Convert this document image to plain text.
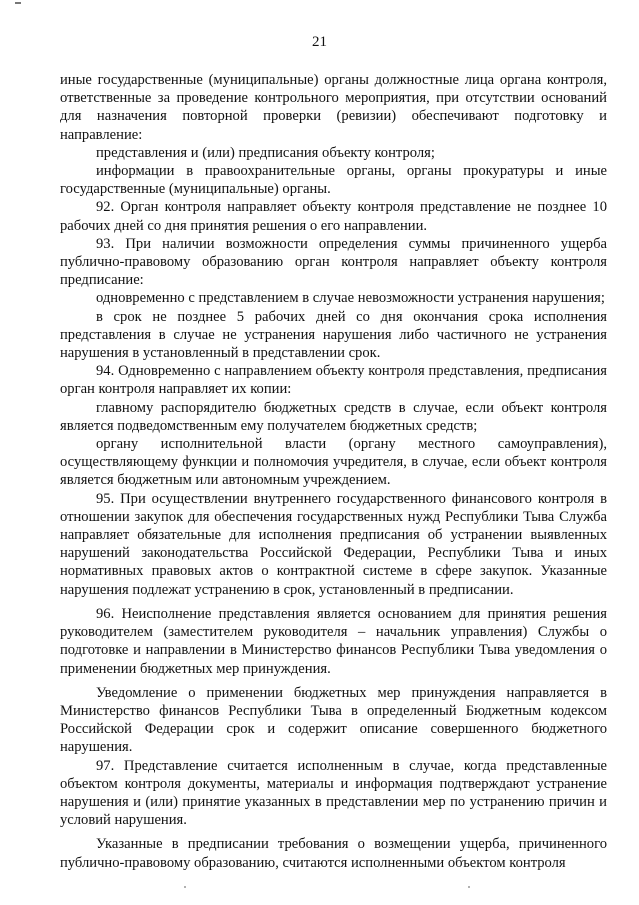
21

иные государственные (муниципальные) органы должностные лица органа контроля, ответственные за проведение контрольного мероприятия, при отсутствии оснований для назначения повторной проверки (ревизии) обеспечивают подготовку и направление:

представления и (или) предписания объекту контроля;

информации в правоохранительные органы, органы прокуратуры и иные государственные (муниципальные) органы.

92. Орган контроля направляет объекту контроля представление не позднее 10 рабочих дней со дня принятия решения о его направлении.

93. При наличии возможности определения суммы причиненного ущерба публично-правовому образованию орган контроля направляет объекту контроля предписание:

одновременно с представлением в случае невозможности устранения нарушения;

в срок не позднее 5 рабочих дней со дня окончания срока исполнения представления в случае не устранения нарушения либо частичного не устранения нарушения в установленный в представлении срок.

94. Одновременно с направлением объекту контроля представления, предписания орган контроля направляет их копии:

главному распорядителю бюджетных средств в случае, если объект контроля является подведомственным ему получателем бюджетных средств;

органу исполнительной власти (органу местного самоуправления), осуществляющему функции и полномочия учредителя, в случае, если объект контроля является бюджетным или автономным учреждением.

95. При осуществлении внутреннего государственного финансового контроля в отношении закупок для обеспечения государственных нужд Республики Тыва Служба направляет обязательные для исполнения предписания об устранении выявленных нарушений законодательства Российской Федерации, Республики Тыва и иных нормативных правовых актов о контрактной системе в сфере закупок. Указанные нарушения подлежат устранению в срок, установленный в предписании.

96. Неисполнение представления является основанием для принятия решения руководителем (заместителем руководителя – начальник управления) Службы о подготовке и направлении в Министерство финансов Республики Тыва уведомления о применении бюджетных мер принуждения.

Уведомление о применении бюджетных мер принуждения направляется в Министерство финансов Республики Тыва в определенный Бюджетным кодексом Российской Федерации срок и содержит описание совершенного бюджетного нарушения.

97. Представление считается исполненным в случае, когда представленные объектом контроля документы, материалы и информация подтверждают устранение нарушения и (или) принятие указанных в представлении мер по устранению причин и условий нарушения.

Указанные в предписании требования о возмещении ущерба, причиненного публично-правовому образованию, считаются исполненными объектом контроля
